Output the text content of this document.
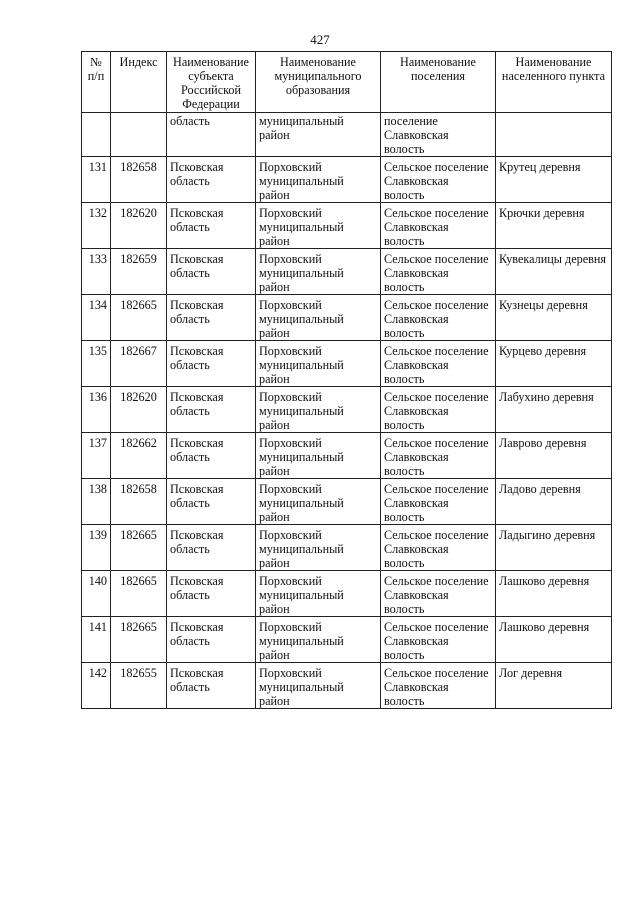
427
№ п/п	Индекс	Наименование субъекта Российской Федерации	Наименование муниципального образования	Наименование поселения	Наименование населенного пункта
		область	муниципальный район	поселение Славковская волость	
131	182658	Псковская область	Порховский муниципальный район	Сельское поселение Славковская волость	Крутец деревня
132	182620	Псковская область	Порховский муниципальный район	Сельское поселение Славковская волость	Крючки деревня
133	182659	Псковская область	Порховский муниципальный район	Сельское поселение Славковская волость	Кувекалицы деревня
134	182665	Псковская область	Порховский муниципальный район	Сельское поселение Славковская волость	Кузнецы деревня
135	182667	Псковская область	Порховский муниципальный район	Сельское поселение Славковская волость	Курцево деревня
136	182620	Псковская область	Порховский муниципальный район	Сельское поселение Славковская волость	Лабухино деревня
137	182662	Псковская область	Порховский муниципальный район	Сельское поселение Славковская волость	Лаврово деревня
138	182658	Псковская область	Порховский муниципальный район	Сельское поселение Славковская волость	Ладово деревня
139	182665	Псковская область	Порховский муниципальный район	Сельское поселение Славковская волость	Ладыгино деревня
140	182665	Псковская область	Порховский муниципальный район	Сельское поселение Славковская волость	Лашково деревня
141	182665	Псковская область	Порховский муниципальный район	Сельское поселение Славковская волость	Лашково деревня
142	182655	Псковская область	Порховский муниципальный район	Сельское поселение Славковская волость	Лог деревня
